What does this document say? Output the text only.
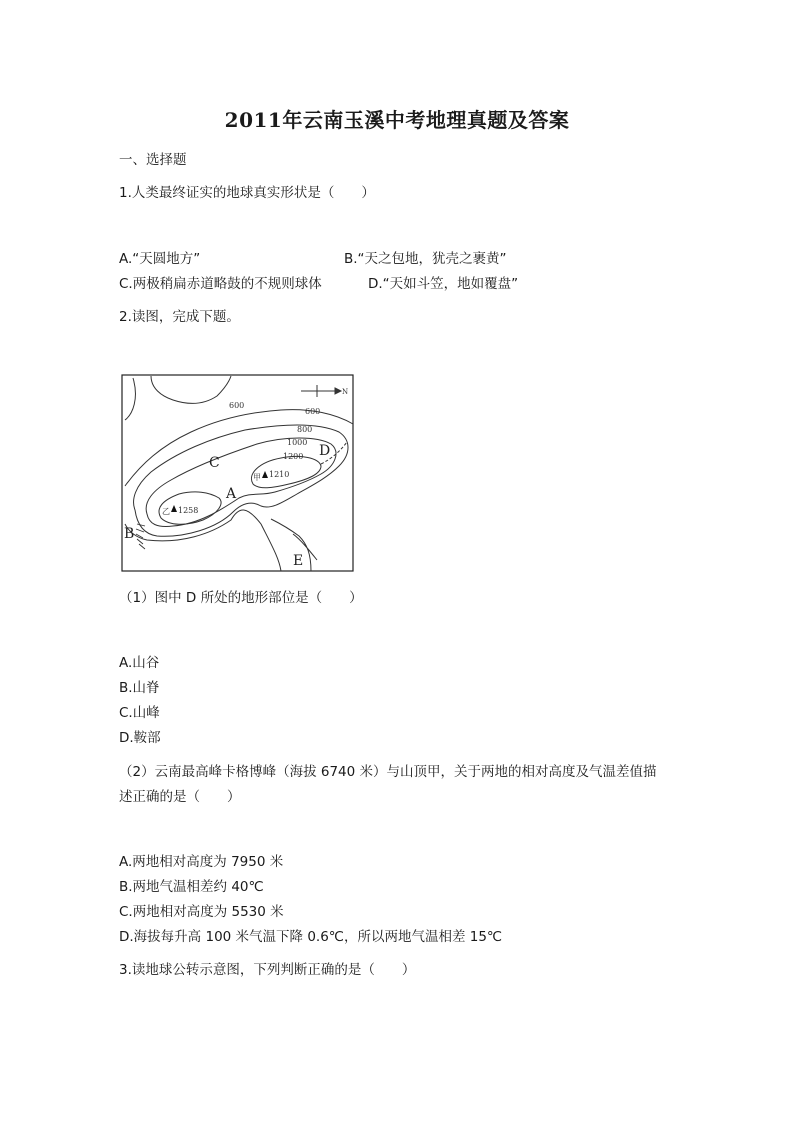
2011年云南玉溪中考地理真题及答案
一、选择题
1.人类最终证实的地球真实形状是（　　）
A.“天圆地方”	B.“天之包地，犹壳之裹黄”
C.两极稍扁赤道略鼓的不规则球体	D.“天如斗笠，地如覆盘”
2.读图，完成下题。
N
600
600
800
1000
1200
甲 1210
乙 1258
A
B
C
D
E
（1）图中 D 所处的地形部位是（　　）
A.山谷
B.山脊
C.山峰
D.鞍部
（2）云南最高峰卡格博峰（海拔 6740 米）与山顶甲，关于两地的相对高度及气温差值描
述正确的是（　　）
A.两地相对高度为 7950 米
B.两地气温相差约 40℃
C.两地相对高度为 5530 米
D.海拔每升高 100 米气温下降 0.6℃，所以两地气温相差 15℃
3.读地球公转示意图，下列判断正确的是（　　）
